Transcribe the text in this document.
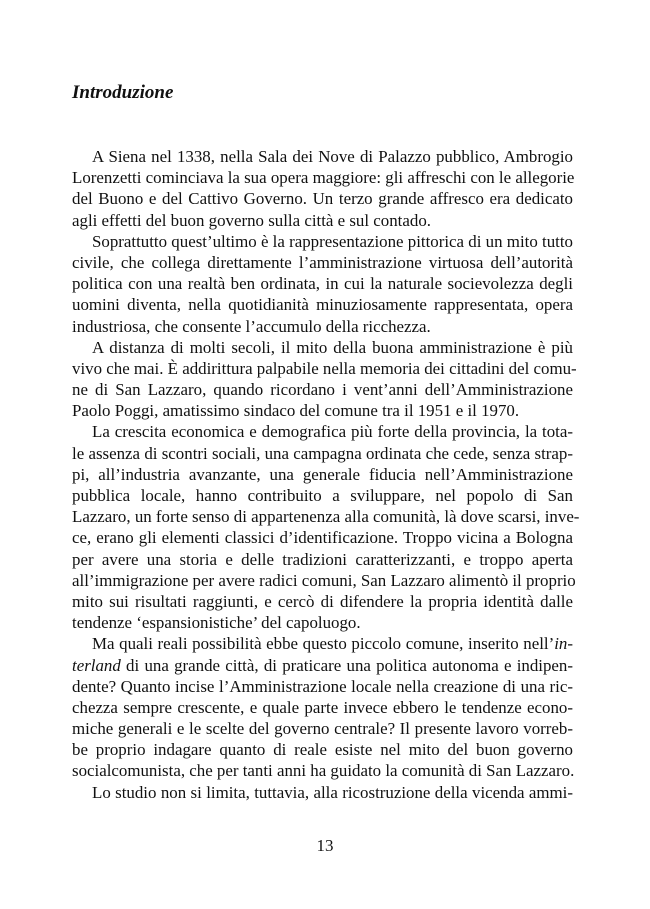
Introduzione
A Siena nel 1338, nella Sala dei Nove di Palazzo pubblico, Ambrogio
Lorenzetti cominciava la sua opera maggiore: gli affreschi con le allegorie
del Buono e del Cattivo Governo. Un terzo grande affresco era dedicato
agli effetti del buon governo sulla città e sul contado.
Soprattutto quest’ultimo è la rappresentazione pittorica di un mito tutto
civile, che collega direttamente l’amministrazione virtuosa dell’autorità
politica con una realtà ben ordinata, in cui la naturale socievolezza degli
uomini diventa, nella quotidianità minuziosamente rappresentata, opera
industriosa, che consente l’accumulo della ricchezza.
A distanza di molti secoli, il mito della buona amministrazione è più
vivo che mai. È addirittura palpabile nella memoria dei cittadini del comu-
ne di San Lazzaro, quando ricordano i vent’anni dell’Amministrazione
Paolo Poggi, amatissimo sindaco del comune tra il 1951 e il 1970.
La crescita economica e demografica più forte della provincia, la tota-
le assenza di scontri sociali, una campagna ordinata che cede, senza strap-
pi, all’industria avanzante, una generale fiducia nell’Amministrazione
pubblica locale, hanno contribuito a sviluppare, nel popolo di San
Lazzaro, un forte senso di appartenenza alla comunità, là dove scarsi, inve-
ce, erano gli elementi classici d’identificazione. Troppo vicina a Bologna
per avere una storia e delle tradizioni caratterizzanti, e troppo aperta
all’immigrazione per avere radici comuni, San Lazzaro alimentò il proprio
mito sui risultati raggiunti, e cercò di difendere la propria identità dalle
tendenze ‘espansionistiche’ del capoluogo.
Ma quali reali possibilità ebbe questo piccolo comune, inserito nell’in-
terland di una grande città, di praticare una politica autonoma e indipen-
dente? Quanto incise l’Amministrazione locale nella creazione di una ric-
chezza sempre crescente, e quale parte invece ebbero le tendenze econo-
miche generali e le scelte del governo centrale? Il presente lavoro vorreb-
be proprio indagare quanto di reale esiste nel mito del buon governo
socialcomunista, che per tanti anni ha guidato la comunità di San Lazzaro.
Lo studio non si limita, tuttavia, alla ricostruzione della vicenda ammi-
13
